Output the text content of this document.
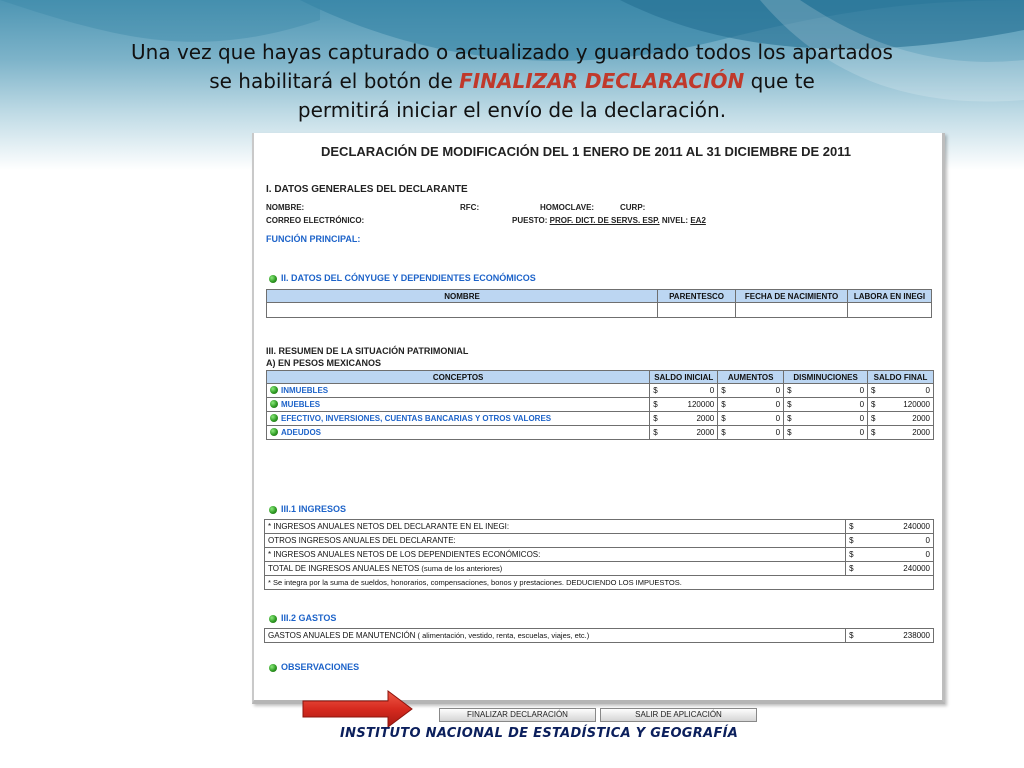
Una vez que hayas capturado o actualizado y guardado todos los apartados
se habilitará el botón de FINALIZAR DECLARACIÓN que te
permitirá iniciar el envío de la declaración.
DECLARACIÓN DE MODIFICACIÓN DEL 1 ENERO DE 2011 AL 31 DICIEMBRE DE 2011
I. DATOS GENERALES DEL DECLARANTE
NOMBRE:	RFC:	HOMOCLAVE:	CURP:
CORREO ELECTRÓNICO:	PUESTO: PROF. DICT. DE SERVS. ESP. NIVEL: EA2
FUNCIÓN PRINCIPAL:
II. DATOS DEL CÓNYUGE Y DEPENDIENTES ECONÓMICOS
NOMBRE	PARENTESCO	FECHA DE NACIMIENTO	LABORA EN INEGI

III. RESUMEN DE LA SITUACIÓN PATRIMONIAL
A) EN PESOS MEXICANOS
CONCEPTOS	SALDO INICIAL	AUMENTOS	DISMINUCIONES	SALDO FINAL

INMUEBLES	$ 0	$ 0	$ 0	$ 0

MUEBLES	$ 120000	$ 0	$ 0	$ 120000

EFECTIVO, INVERSIONES, CUENTAS BANCARIAS Y OTROS VALORES	$ 2000	$ 0	$ 0	$ 2000

ADEUDOS	$ 2000	$ 0	$ 0	$ 2000
III.1 INGRESOS
* INGRESOS ANUALES NETOS DEL DECLARANTE EN EL INEGI:	$ 240000

OTROS INGRESOS ANUALES DEL DECLARANTE:	$ 0

* INGRESOS ANUALES NETOS DE LOS DEPENDIENTES ECONÓMICOS:	$ 0

TOTAL DE INGRESOS ANUALES NETOS (suma de los anteriores)	$ 240000

* Se integra por la suma de sueldos, honorarios, compensaciones, bonos y prestaciones. DEDUCIENDO LOS IMPUESTOS.	
III.2 GASTOS
GASTOS ANUALES DE MANUTENCIÓN ( alimentación, vestido, renta, escuelas, viajes, etc.)	$	238000
OBSERVACIONES
FINALIZAR DECLARACIÓN	SALIR DE APLICACIÓN
INSTITUTO NACIONAL DE ESTADÍSTICA Y GEOGRAFÍA
